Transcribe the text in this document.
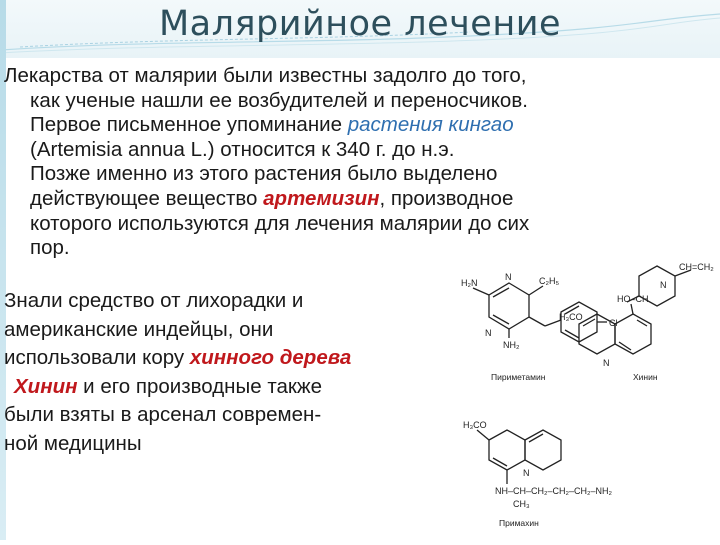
Малярийное лечение

Лекарства от малярии были известны задолго до того,
как ученые нашли ее возбудителей и переносчиков.
Первое письменное упоминание растения кингао
(Artemisia annua L.) относится к 340 г. до н.э.
Позже именно из этого растения было выделено
действующее вещество артемизин, производное
которого используются для лечения малярии до сих
пор.

Знали средство от лихорадки и
американские индейцы, они
использовали кору хинного дерева
Хинин и его производные также
были взяты в арсенал современ-
ной медицины
H₂N
N	C₂H₅
N
NH₂
Cl
HO–CH
N
CH=CH₂
H₃CO
N
H₃CO
N
NH–CH–CH₂–CH₂–CH₂–NH₂
CH₃
Пириметамин	Хинин
Примахин
